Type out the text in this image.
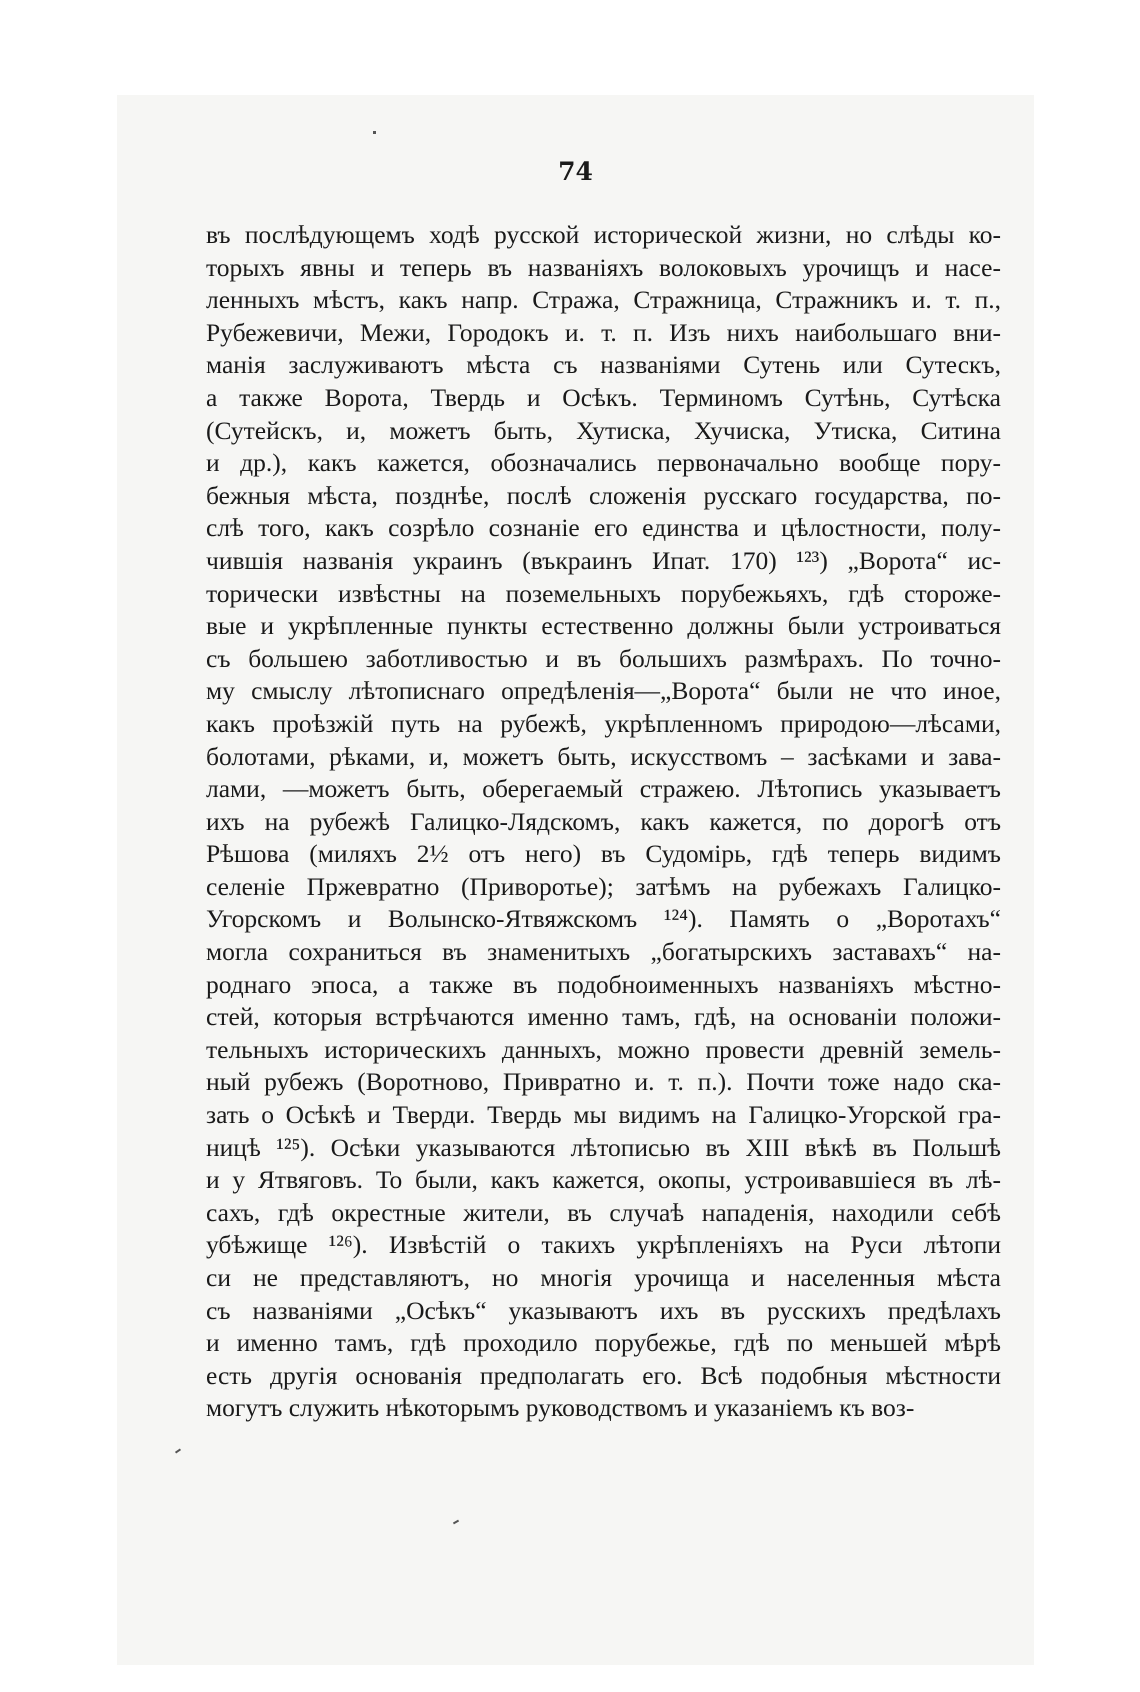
74
въ послѣдующемъ ходѣ русской исторической жизни, но слѣды ко-
торыхъ явны и теперь въ названіяхъ волоковыхъ урочищъ и насе-
ленныхъ мѣстъ, какъ напр. Стража, Стражница, Стражникъ и. т. п.,
Рубежевичи, Межи, Городокъ и. т. п. Изъ нихъ наибольшаго вни-
манія заслуживаютъ мѣста съ названіями Сутень или Сутескъ,
а также Ворота, Твердь и Осѣкъ. Терминомъ Сутѣнь, Сутѣска
(Сутейскъ, и, можетъ быть, Хутиска, Хучиска, Утиска, Ситина
и др.), какъ кажется, обозначались первоначально вообще пору-
бежныя мѣста, позднѣе, послѣ сложенія русскаго государства, по-
слѣ того, какъ созрѣло сознаніе его единства и цѣлостности, полу-
чившія названія украинъ (въкраинъ Ипат. 170) ¹²³) „Ворота“ ис-
торически извѣстны на поземельныхъ порубежьяхъ, гдѣ стороже-
вые и укрѣпленные пункты естественно должны были устроиваться
съ большею заботливостью и въ большихъ размѣрахъ. По точно-
му смыслу лѣтописнаго опредѣленія—„Ворота“ были не что иное,
какъ проѣзжій путь на рубежѣ, укрѣпленномъ природою—лѣсами,
болотами, рѣками, и, можетъ быть, искусствомъ – засѣками и зава-
лами, —можетъ быть, оберегаемый стражею. Лѣтопись указываетъ
ихъ на рубежѣ Галицко-Лядскомъ, какъ кажется, по дорогѣ отъ
Рѣшова (миляхъ 2½ отъ него) въ Судомірь, гдѣ теперь видимъ
селеніе Пржевратно (Приворотье); затѣмъ на рубежахъ Галицко-
Угорскомъ и Волынско-Ятвяжскомъ ¹²⁴). Память о „Воротахъ“
могла сохраниться въ знаменитыхъ „богатырскихъ заставахъ“ на-
роднаго эпоса, а также въ подобноименныхъ названіяхъ мѣстно-
стей, которыя встрѣчаются именно тамъ, гдѣ, на основаніи положи-
тельныхъ историческихъ данныхъ, можно провести древній земель-
ный рубежъ (Воротново, Привратно и. т. п.). Почти тоже надо ска-
зать о Осѣкѣ и Тверди. Твердь мы видимъ на Галицко-Угорской гра-
ницѣ ¹²⁵). Осѣки указываются лѣтописью въ XIII вѣкѣ въ Польшѣ
и у Ятвяговъ. То были, какъ кажется, окопы, устроивавшіеся въ лѣ-
сахъ, гдѣ окрестные жители, въ случаѣ нападенія, находили себѣ
убѣжище ¹²⁶). Извѣстій о такихъ укрѣпленіяхъ на Руси лѣтопи
си не представляютъ, но многія урочища и населенныя мѣста
съ названіями „Осѣкъ“ указываютъ ихъ въ русскихъ предѣлахъ
и именно тамъ, гдѣ проходило порубежье, гдѣ по меньшей мѣрѣ
есть другія основанія предполагать его. Всѣ подобныя мѣстности
могутъ служить нѣкоторымъ руководствомъ и указаніемъ къ воз-
